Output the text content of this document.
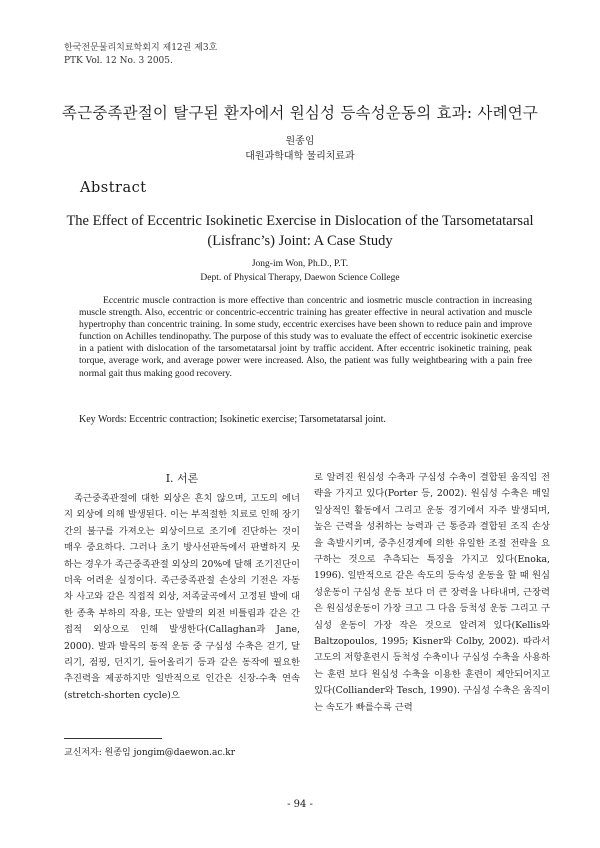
한국전문물리치료학회지 제12권 제3호
PTK Vol. 12 No. 3 2005.
족근중족관절이 탈구된 환자에서 원심성 등속성운동의 효과: 사례연구
원종임
대원과학대학 물리치료과
Abstract
The Effect of Eccentric Isokinetic Exercise in Dislocation of the Tarsometatarsal (Lisfranc’s) Joint: A Case Study
Jong-im Won, Ph.D., P.T.
Dept. of Physical Therapy, Daewon Science College

Eccentric muscle contraction is more effective than concentric and iosmetric muscle contraction in increasing muscle strength. Also, eccentric or concentric-eccentric training has greater effective in neural activation and muscle hypertrophy than concentric training. In some study, eccentric exercises have been shown to reduce pain and improve function on Achilles tendinopathy. The purpose of this study was to evaluate the effect of eccentric isokinetic exercise in a patient with dislocation of the tarsometatarsal joint by traffic accident. After eccentric isokinetic training, peak torque, average work, and average power were increased. Also, the patient was fully weightbearing with a pain free normal gait thus making good recovery.

Key Words: Eccentric contraction; Isokinetic exercise; Tarsometatarsal joint.
Ⅰ. 서론

족근중족관절에 대한 외상은 흔치 않으며, 고도의 에너지 외상에 의해 발생된다. 이는 부적절한 치료로 인해 장기간의 불구를 가져오는 외상이므로 조기에 진단하는 것이 매우 중요하다. 그러나 초기 방사선판독에서 판별하지 못하는 경우가 족근중족관절 외상의 20%에 달해 조기진단이 더욱 어려운 실정이다. 족근중족관절 손상의 기전은 자동차 사고와 같은 직접적 외상, 저족굴곡에서 고정된 발에 대한 종축 부하의 작용, 또는 앞발의 외전 비틀림과 같은 간접적 외상으로 인해 발생한다(Callaghan과 Jane, 2000). 발과 발목의 동적 운동 중 구심성 수축은 걷기, 달리기, 점핑, 던지기, 들어올리기 등과 같은 동작에 필요한 추진력을 제공하지만 일반적으로 인간은 신장-수축 연속(stretch-shorten cycle)으

로 알려진 원심성 수축과 구심성 수축이 결합된 움직임 전략을 가지고 있다(Porter 등, 2002). 원심성 수축은 매일 일상적인 활동에서 그리고 운동 경기에서 자주 발생되며, 높은 근력을 성취하는 능력과 근 통증과 결합된 조직 손상을 촉발시키며, 중추신경계에 의한 유일한 조절 전략을 요구하는 것으로 추측되는 특징을 가지고 있다(Enoka, 1996). 일반적으로 같은 속도의 등속성 운동을 할 때 원심성운동이 구심성 운동 보다 더 큰 장력을 나타내며, 근장력은 원심성운동이 가장 크고 그 다음 등척성 운동 그리고 구심성 운동이 가장 작은 것으로 알려져 있다(Kellis와 Baltzopoulos, 1995; Kisner와 Colby, 2002). 따라서 고도의 저항훈련시 등척성 수축이나 구심성 수축을 사용하는 훈련 보다 원심성 수축을 이용한 훈련이 제안되어지고 있다(Colliander와 Tesch, 1990). 구심성 수축은 움직이는 속도가 빠를수록 근력

교신저자: 원종임 jongim@daewon.ac.kr
- 94 -
